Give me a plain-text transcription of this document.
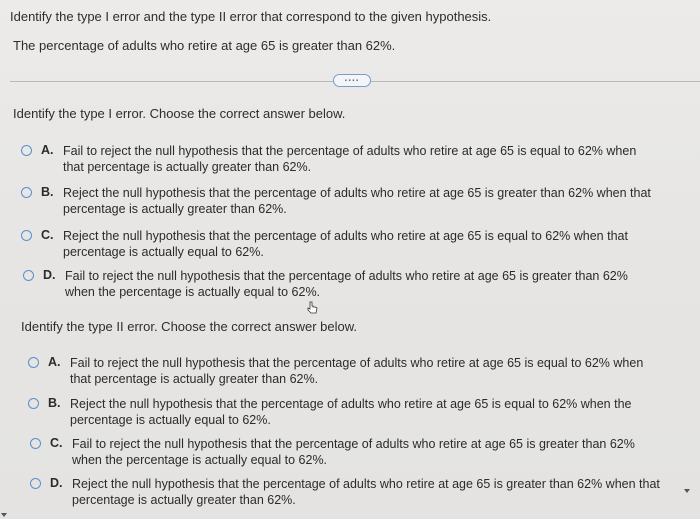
Identify the type I error and the type II error that correspond to the given hypothesis.
The percentage of adults who retire at age 65 is greater than 62%.
....
Identify the type I error. Choose the correct answer below.
A. Fail to reject the null hypothesis that the percentage of adults who retire at age 65 is equal to 62% when
that percentage is actually greater than 62%.
B. Reject the null hypothesis that the percentage of adults who retire at age 65 is greater than 62% when that
percentage is actually greater than 62%.
C. Reject the null hypothesis that the percentage of adults who retire at age 65 is equal to 62% when that
percentage is actually equal to 62%.
D. Fail to reject the null hypothesis that the percentage of adults who retire at age 65 is greater than 62%
when the percentage is actually equal to 62%.
Identify the type II error. Choose the correct answer below.
A. Fail to reject the null hypothesis that the percentage of adults who retire at age 65 is equal to 62% when
that percentage is actually greater than 62%.
B. Reject the null hypothesis that the percentage of adults who retire at age 65 is equal to 62% when the
percentage is actually equal to 62%.
C. Fail to reject the null hypothesis that the percentage of adults who retire at age 65 is greater than 62%
when the percentage is actually equal to 62%.
D. Reject the null hypothesis that the percentage of adults who retire at age 65 is greater than 62% when that
percentage is actually greater than 62%.
